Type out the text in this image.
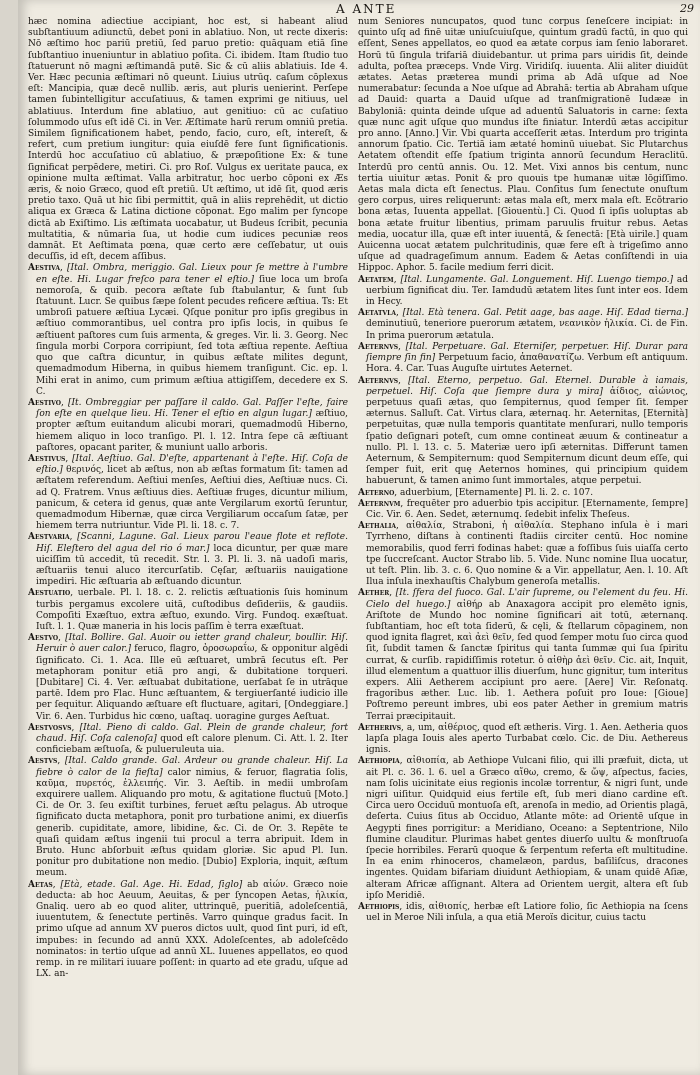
A ANTE	29

hæc nomina adiectiue accipiant, hoc est, si habeant aliud subſtantiuum adiunctū, debet poni in ablatiuo. Non, ut recte dixeris: Nō æſtimo hoc pariū pretiū, ſed paruo pretio: quāquam etiā ſine ſubſtantiuo inueniuntur in ablatiuo poſita. Ci. ibidem. Itam ſtudio tuo ſtatuerunt nō magni æſtimandā putē. Sic & cū aliis ablatiuis. Ide 4. Ver. Hæc pecunia æſtimari nō queunt. Liuius utrūq. caſum cōplexus eſt: Mancipia, quæ decē nullib. æris, aut pluris uenierint. Perſepe tamen ſubintelligitur accuſatiuus, & tamen exprimi ge nitiuus, uel ablatiuus. Interdum fine ablatiuo, aut genitiuo: cū ac cuſatiuo ſolummodo uſus eſt idē Ci. in Ver. Æſtimate harū rerum omniū pretia. Similem ſignificationem habet, pendo, facio, curo, eſt, intereſt, & refert, cum pretium iungitur: quia eiuſdē fere ſunt ſignificationis. Interdū hoc accuſatiuo cū ablatiuo, & præpoſitione Ex: & tune ſignificat perpēdere, metiri. Ci. pro Roſ. Vulgus ex ueritate pauca, ex opinione multa æſtimat. Valla arbitratur, hoc uerbo cōponi ex Æs æris, & noio Græco, quod eſt pretiū. Ut æſtimo, ut idē ſit, quod æris pretio taxo. Quā ut hic ſibi permittit, quā in aliis reprehēdit, ut dictio aliqua ex Græca & Latina dictione cōponat. Ego malim per ſyncope dictā ab Exiſtimo. Lis æſtimata uocabatur, ut Budeus ſcribit, pecunia multatitia, & nūmaria ſua, ut hodie cum iudices pecuniæ reos damnāt. Et Aeſtimata pœna, quæ certo ære ceſſebatur, ut ouis decuſſis, id eſt, decem aſſibus.

Aestiva, [Ital. Ombra, meriggio. Gal. Lieux pour ſe mettre à l'umbre en eſte. Hi. Lugar freſco para tener el eſtio.] ſiue loca um broſa nemoroſa, & quib. pecora æſtate ſub ſtabulantur, & ſunt ſub ſtatuunt. Lucr. Se quibus ſæpe ſolent pecudes reficere æſtiua. Ts: Et umbroſi patuere æſtiua Lycæi. Qſque ponitur pro ipſis gregibus in æſtiuo commorantibus, uel contra pro ipſis locis, in quibus ſe æſtiuent paſtores cum ſuis armenta, & greges. Vir. li. 3. Georg. Nec ſingula morbi Corpora corripiunt, ſed tota æſtiua repente. Aeſtiua quo que caſtra dicuntur, in quibus æſtate milites degunt, quemadmodum Hiberna, in quibus hiemem tranſigunt. Cic. ep. l. Mihi erat in animo, cum primum æſtiua attigiſſem, decedere ex S. C.

Aestivo, [It. Ombreggiar per paſſare il caldo. Gal. Paſſer l'eſte, faire ſon eſte en quelque lieu. Hi. Tener el eſtio en algun lugar.] æſtiuo, propter æſtum euitandum alicubi morari, quemadmodū Hiberno, hiemem aliquo in loco tranſigo. Pl. l. 12. Intra ſepe cā æſtiuant paſtores, opacant pariter, & muniunt uallo arboris.

Aestivus, [Ital. Aeſtiuo. Gal. D'eſte, appartenant à l'eſte. Hiſ. Coſa de eſtio.] θερινός, licet ab æſtus, non ab æſtas formatum ſit: tamen ad æſtatem referendum. Aeſtiui menſes, Aeſtiui dies, Aeſtiuæ nucs. Ci. ad Q. Fratrem. Vnus æſtiuus dies. Aeſtiuæ fruges, dicuntur milium, panicum, & cetera id genus, quæ ante Vergilarum exortū ſeruntur, quemadmodum Hibernæ, quæ circa Vergiliarum occaſum ſatæ, per hiemem terra nutriuntur. Vide Pl. li. 18. c. 7.

Aestvaria, [Scanni, Lagune. Gal. Lieux parou l'eaue flote et reflote. Hiſ. Eleſtero del agua del rio ó mar.] loca dicuntur, per quæ mare uiciſſim tū accedit, tū recedit. Str. l. 3. Pl. li. 3. nā uadoſi maris, æſtuariis tenui aluco itercurſatib. Cęſar, æſtuariis nauigatione impediri. Hic æſtuaria ab æſtuando dicuntur.

Aestuatio, uerbale. Pl. l. 18. c. 2. relictis æſtuationis ſuis hominum turbis pergamus excolere uitā, cuſtodibus deſideriis, & gaudiis. Compoſiti Exæſtuo, extra æſtuo, exundo. Virg. Fundoq. exæſtuat. Iuſt. l. 1. Quæ maneria in his locis paſſim è terra exæſtuat.

Aestvo, [Ital. Bollire. Gal. Auoir ou ietter grand chaleur, boullir. Hiſ. Heruir ò auer calor.] feruco, flagro, ὀροσωραΐω, & opponitur algēdi ſignificato. Ci. 1. Aca. Ille eū æſtuaret, umbrā ſecutus eſt. Per metaphoram ponitur etiā pro angi, & dubitatione torqueri. [Dubitare] Ci. 4. Ver. æſtuabat dubitatione, uerſabat ſe in utrāque partē. Idem pro Flac. Hunc æſtuantem, & tergiuerſanté iudicio ille per ſequitur. Aliquando æſtuare eſt fluctuare, agitari, [Ondeggiare.] Vir. 6. Aen. Turbidus hic cœno, uaſtaq. uoragine gurges Aeſtuat.

Aestvosvs, [Ital. Pieno di caldo. Gal. Plein de grande chaleur, fort chaud. Hiſ. Coſa calenoſa] quod eſt calore plenum. Ci. Att. l. 2. Iter conficiebam æſtuoſa, & pulueruleuta uia.

Aestvs, [Ital. Caldo grande. Gal. Ardeur ou grande chaleur. Hiſ. La fiebre ò calor de la fieſta] calor nimius, & feruor, flagratia ſolis, καῦμα, πυρετός, ἐλλειπής. Vir. 3. Aeſtib. in medii umbroſam exquirere uallem. Aliquando pro motu, & agitatione fluctuū [Moto.] Ci. de Or. 3. ſeu exiſtit turbines, feruet æſtu pelagus. Ab utroque ſignificato ducta metaphora, ponit pro turbatione animi, ex diuerſis generib. cupiditate, amore, libidine, &c. Ci. de Or. 3. Repēte te quaſi quidam æſtus ingenii tui procul a terra abripuit. Idem in Bruto. Hunc abſorbuit æſtus quidam gloriæ. Sic apud Pl. Iun. ponitur pro dubitatione non medio. [Dubio] Exploria, inquit, æſtum meum.

Aetas, [Età, etade. Gal. Age. Hi. Edad, ſiglo] ab αἰών. Græco noie deducta: ab hoc Aeuum, Aeuitas, & per ſyncopen Aetas, ἡλικία, Gnaliq. uero ab eo quod aliter, uttrinquē, pueritiā, adoleſcentiā, iuuentutem, & ſenectute pertinēs. Varro quinque gradus facit. In primo uſque ad annum XV pueros dictos uult, quod ſint puri, id eſt, impubes: in ſecundo ad annū XXX. Adoleſcentes, ab adoleſcēdo nominatos: in tertio uſque ad annū XL. Iuuenes appellatos, eo quod remp. in re militari iuuare poſſent: in quarto ad ete gradu, uſque ad LX. an-

num Seniores nuncupatos, quod tunc corpus ſeneſcere incipiat: in quinto uſq ad finē uitæ uniuſcuiuſque, quintum gradū factū, in quo qui eſſent, Senes appellatos, eo quod ea ætate corpus iam ſenio laboraret. Horū tū ſingula trifariā diuidebantur. ut prima pars uiridis ſit, deinde adulta, poſtea præceps. Vnde Virg. Viridiſq. iuuenta. Alii aliter diuidūt ætates. Aetas præterea mundi prima ab Adā uſque ad Noe numerabatur: ſecunda a Noe uſque ad Abrahā: tertia ab Abraham uſque ad Dauid: quarta a Dauid uſque ad tranſmigrationē Iudææ in Babyloniā: quinta deinde uſque ad aduentū Saluatoris in carne: ſexta quæ nunc agit uſque quo mundus iſte finiatur. Interdū ætas accipitur pro anno. [Anno.] Vir. Vbi quarta acceſſerit ætas. Interdum pro triginta annorum ſpatio. Cic. Tertiā iam ætaté hominū uiuebat. Sic Plutarchus Aetatem oſtendit eſſe ſpatium triginta annorū ſecundum Heraclitū. Interdū pro centū annis. Ou. 12. Met. Vixi annos bis centum, nunc tertia uiuitur ætas. Ponit & pro quouis tpe humanæ uitæ lōgiſſimo. Aetas mala dicta eſt ſenectus. Plau. Conſitus ſum ſenectute onuſtum gero corpus, uires reliquerunt: ætas mala eſt, merx mala eſt. Ecõtrario bona ætas, Iuuenta appellat. [Giouentù.] Ci. Quod ſi ipſis uoluptas ab bona ætate fruitur libentius, primam paruulis fruitur rebus. Aetas media, uocatur illa, quæ eſt inter iuuentā, & ſenectā: [Età uirile.] quam Auicenna uocat ætatem pulchritudinis, quæ fere eſt à trigeſimo anno uſque ad quadrageſimum annum. Eadem & Aetas conſiſtendi in uia Hippoc. Aphor. 5. facile medium ferri dicit.

Aetatem, [Ital. Lungamente. Gal. Longuement. Hiſ. Luengo tiempo.] ad uerbium ſignificat diu. Ter. Iamdudū ætatem lites ſunt inter eos. Idem in Hecy.

Aetatvla, [Ital. Età tenera. Gal. Petit aage, bas aage. Hiſ. Edad tierna.] deminutiuū, teneriore puerorum ætatem, νεανικὸν ἡλικία. Ci. de Fin. In prima puerorum ætatula.

Aeternvs, [Ital. Perpetuare. Gal. Eterniſer, perpetuer. Hiſ. Durar para ſiempre ſin fin] Perpetuum facio, ἀπαθανατίζω. Verbum eſt antiquum. Hora. 4. Car. Tuas Auguſte uirtutes Aeternet.

Aeternvs, [Ital. Eterno, perpetuo. Gal. Eternel. Durable à iamais, perpetuel. Hiſ. Coſa que ſiempre dura y mira] ἀίδιος, αἰώνιος, perpetuus quaſi ætas, quo ſempiternus, quod ſemper ſit. ſemper æternus. Salluſt. Cat. Virtus clara, æternaq. hr. Aeternitas, [Eternità] perpetuitas, quæ nulla temporis quantitate menſurari, nullo temporis ſpatio deſignari poteſt, cum omne contineat æuum & contineatur a nullo. Pl. l. 13. c. 5. Materiæ uero ipſi æternitas. Differunt tamen Aeternum, & Sempiternum: quod Sempiternum dicunt deum eſſe, qui ſemper fuit, erit quę Aeternos homines, qui principium quidem habuerunt, & tamen animo ſunt immortales, atque perpetui.

Aeterno, aduerbium, [Eternamente] Pl. li. 2. c. 107.

Aeternvm, frequēter pro aduerbio tpis accipitur. [Eternamente, ſempre] Cic. Vir. 6. Aen. Sedet, æternumq. ſedebit infelix Theſeus.

Aethalia, αἰθαλία, Straboni, ἡ αἰθαλία. Stephano inſula è i mari Tyrrheno, diſtans à continenti ſtadiis circiter centū. Hoc nomine memorabilis, quod ferri fodinas habet: quæ a foſſibus ſuis uiaſſa certo tpe ſuccreſcant. Auctor Strabo lib. 5. Vide. Nunc nomine Ilua uocatur, ut teſt. Plin. lib. 3. c. 6. Quo nomine & a Vir. appellatur, Aen. l. 10. Aſt Ilua inſula inexhauſtis Chalybum generoſa metallis.

Aether, [It. ſfera del fuoco. Gal. L'air ſupreme, ou l'element du feu. Hi. Cielo del huego.] αἰθήρ ab Anaxagora accipit pro elemēto ignis, Ariſtote de Mundo hoc nomine ſignificari ait totū, æternanq. ſubſtantiam, hoc eſt tota ſiderū, & cęli, & ſtellarum cōpaginem, non quod ignita flagret, καὶ ἀεὶ θεῖν, ſed quod ſemper motu ſuo circa quod ſit, ſubdit tamen & ſanctæ ſpiritus qui tanta ſummæ qui ſua ſpiritu currat, & curſib. rapidiſſimis rotetur. ὁ αἰθὴρ ἀεὶ θεῖν. Cic. ait, Inquit, illud elementum a quattuor illis diuerſum, hunc gignitur, tum interitus expers. Alii Aetherem accipiunt pro aere. [Aere] Vir. Reſonatq. fragoribus æther. Luc. lib. 1. Aethera poſuit pro Ioue: [Gioue] Poſtremo pereunt imbres, ubi eos pater Aether in gremium matris Terrai præcipitauit.

Aetherivs, a, um, αἰθέριος, quod eſt ætheris. Virg. 1. Aen. Aetheria quos lapſa plaga Iouis ales aperto Turbabat cœlo. Cic. de Diu. Aethereus ignis.

Aethiopia, αἰθιοπία, ab Aethiope Vulcani filio, qui illi præfuit, dicta, ut ait Pl. c. 36. l. 6. uel a Græco αἴθω, cremo, & ὤψ, aſpectus, facies, nam ſolis uicinitate eius regionis incolæ torrentur, & nigri ſunt, unde nigri uiſitur. Quidquid eius fertile eſt, ſub meri diano cardine eſt. Circa uero Occiduū montuoſa eſt, arenoſa in medio, ad Orientis plagā, deſerta. Cuius ſitus ab Occiduo, Atlante mōte: ad Orientē uſque in Aegypti fines porrigitur: a Meridiano, Oceano: a Septentrione, Nilo flumine clauditur. Plurimas habet gentes diuerſo uultu & monſtruoſa ſpecie horribiles. Ferarū quoque & ſerpentum referta eſt multitudine. In ea enim rhinoceros, chamelæon, pardus, baſiliſcus, dracones ingentes. Quidam bifariam diuidunt Aethiopiam, & unam quidē Aſiæ, alteram Africæ aſſignant. Altera ad Orientem uergit, altera eſt ſub ipſo Meridiē.

Aethiopis, idis, αἰθιοπίς, herbæ eſt Latiore folio, ſic Aethiopia na ſcens uel in Meroe Nili inſula, a qua etiā Meroïs dicitur, cuius tactu
